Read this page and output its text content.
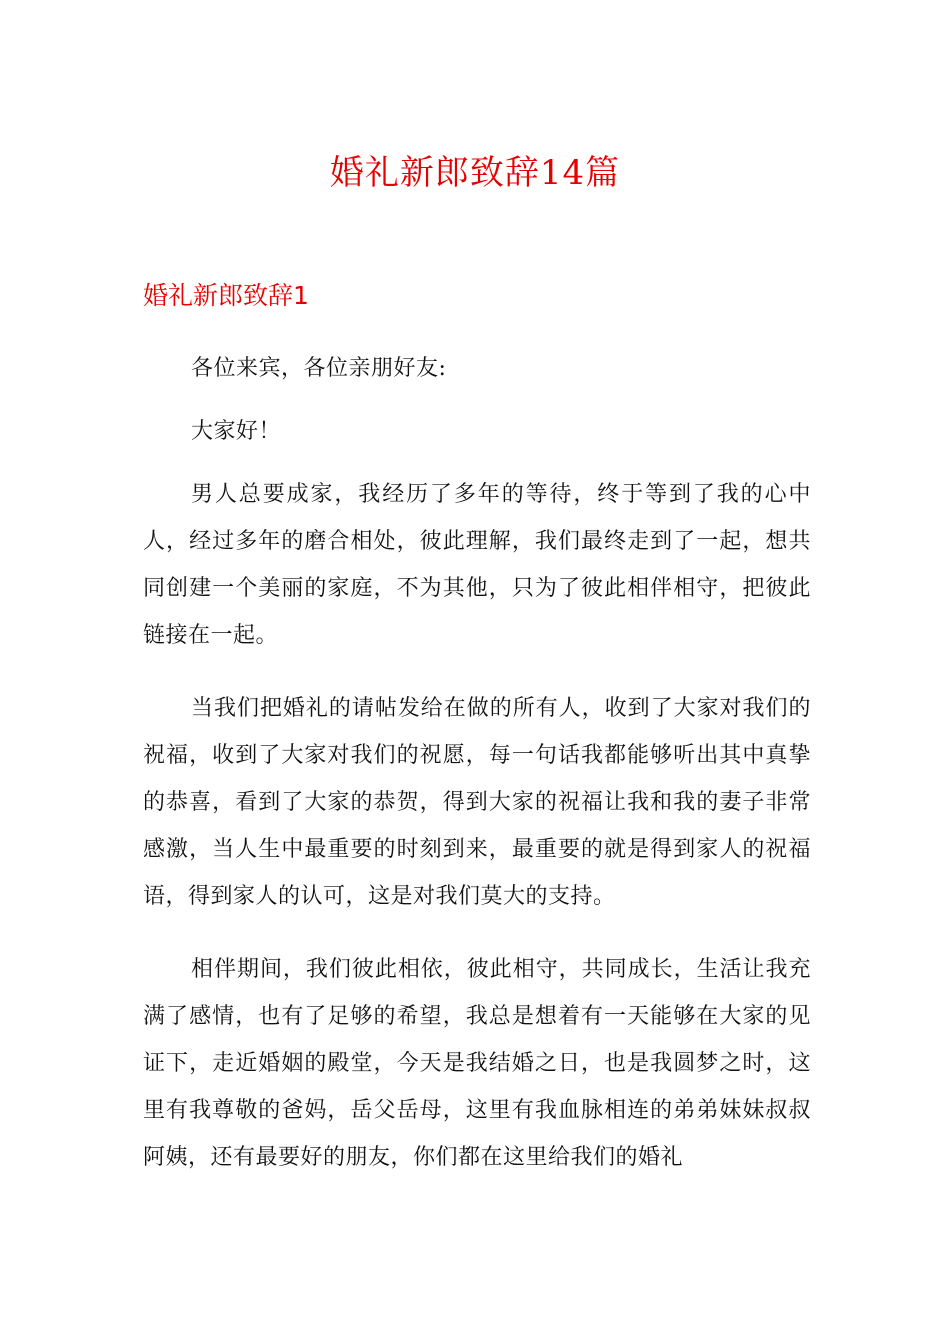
婚礼新郎致辞14篇
婚礼新郎致辞1

各位来宾，各位亲朋好友:

大家好！

男人总要成家，我经历了多年的等待，终于等到了我的心中人，经过多年的磨合相处，彼此理解，我们最终走到了一起，想共同创建一个美丽的家庭，不为其他，只为了彼此相伴相守，把彼此链接在一起。

当我们把婚礼的请帖发给在做的所有人，收到了大家对我们的祝福，收到了大家对我们的祝愿，每一句话我都能够听出其中真挚的恭喜，看到了大家的恭贺，得到大家的祝福让我和我的妻子非常感激，当人生中最重要的时刻到来，最重要的就是得到家人的祝福语，得到家人的认可，这是对我们莫大的支持。

相伴期间，我们彼此相依，彼此相守，共同成长，生活让我充满了感情，也有了足够的希望，我总是想着有一天能够在大家的见证下，走近婚姻的殿堂，今天是我结婚之日，也是我圆梦之时，这里有我尊敬的爸妈，岳父岳母，这里有我血脉相连的弟弟妹妹叔叔阿姨，还有最要好的朋友，你们都在这里给我们的婚礼
